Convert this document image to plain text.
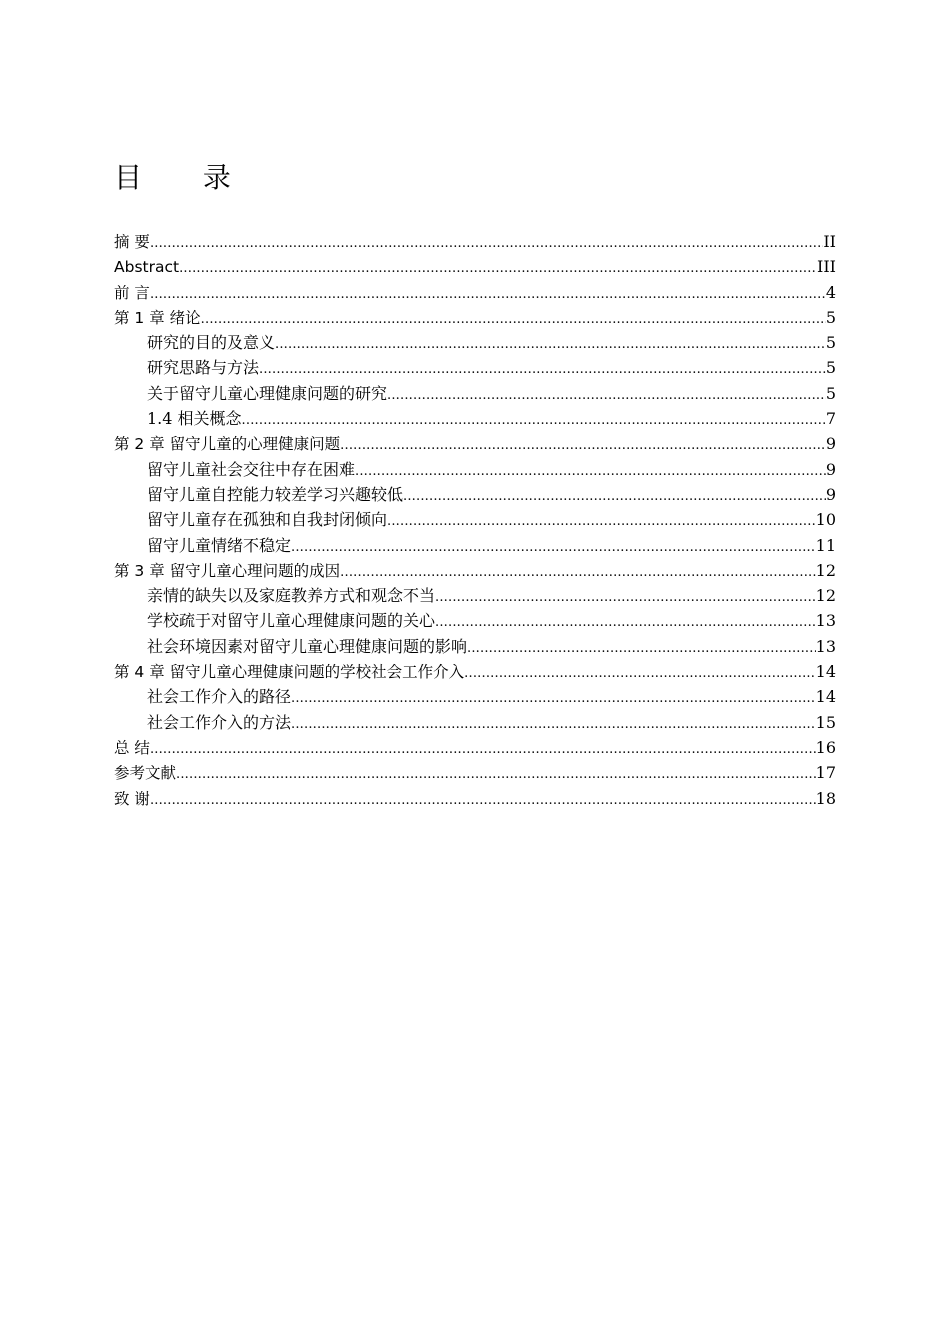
目 录
摘 要 .....	II
Abstract .....	III
前 言 .....	4
第 1 章 绪论 .....	5
研究的目的及意义 .....	5
研究思路与方法 .....	5
关于留守儿童心理健康问题的研究 .....	5
1.4 相关概念 .....	7
第 2 章 留守儿童的心理健康问题 .....	9
留守儿童社会交往中存在困难 .....	9
留守儿童自控能力较差学习兴趣较低 .....	9
留守儿童存在孤独和自我封闭倾向 .....	10
留守儿童情绪不稳定 .....	11
第 3 章 留守儿童心理问题的成因 .....	12
亲情的缺失以及家庭教养方式和观念不当 .....	12
学校疏于对留守儿童心理健康问题的关心 .....	13
社会环境因素对留守儿童心理健康问题的影响 .....	13
第 4 章 留守儿童心理健康问题的学校社会工作介入 .....	14
社会工作介入的路径 .....	14
社会工作介入的方法 .....	15
总 结 .....	16
参考文献 .....	17
致 谢 .....	18
